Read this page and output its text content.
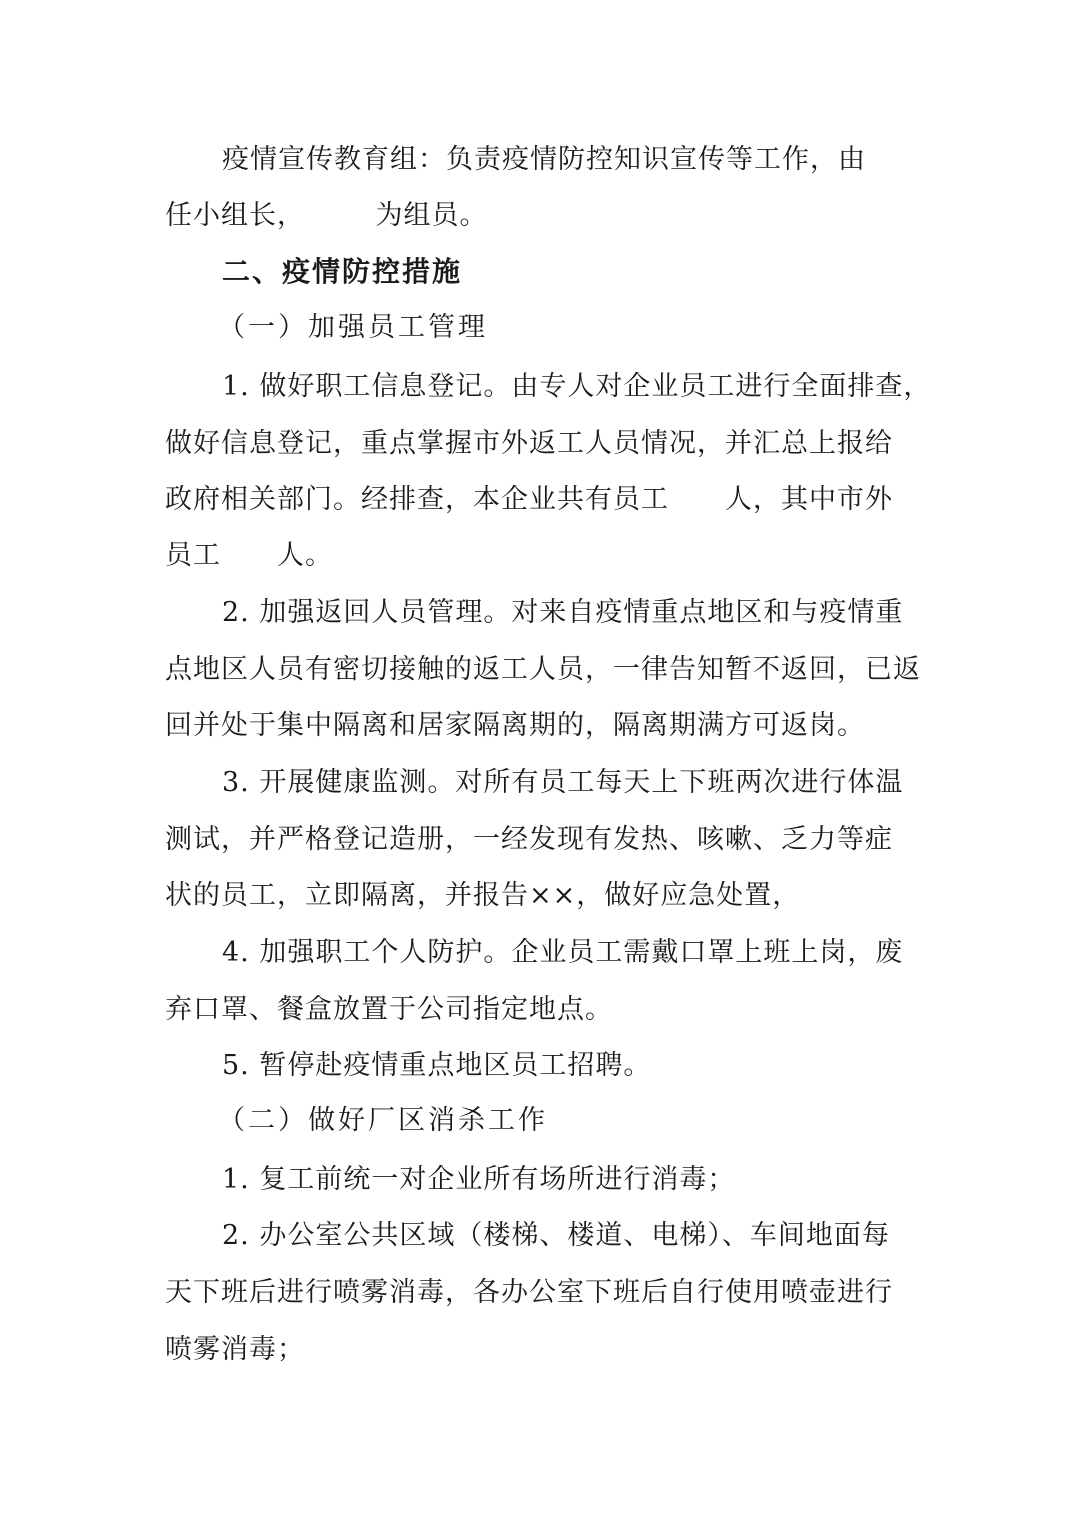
疫情宣传教育组：负责疫情防控知识宣传等工作，由
任小组长，　　　为组员。
二、疫情防控措施
（一）加强员工管理
1. 做好职工信息登记。由专人对企业员工进行全面排查，
做好信息登记，重点掌握市外返工人员情况，并汇总上报给
政府相关部门。经排查，本企业共有员工　　人，其中市外
员工　　人。
2. 加强返回人员管理。对来自疫情重点地区和与疫情重
点地区人员有密切接触的返工人员，一律告知暂不返回，已返
回并处于集中隔离和居家隔离期的，隔离期满方可返岗。
3. 开展健康监测。对所有员工每天上下班两次进行体温
测试，并严格登记造册，一经发现有发热、咳嗽、乏力等症
状的员工，立即隔离，并报告××，做好应急处置，
4. 加强职工个人防护。企业员工需戴口罩上班上岗，废
弃口罩、餐盒放置于公司指定地点。
5. 暂停赴疫情重点地区员工招聘。
（二）做好厂区消杀工作
1. 复工前统一对企业所有场所进行消毒；
2. 办公室公共区域（楼梯、楼道、电梯）、车间地面每
天下班后进行喷雾消毒，各办公室下班后自行使用喷壶进行
喷雾消毒；
